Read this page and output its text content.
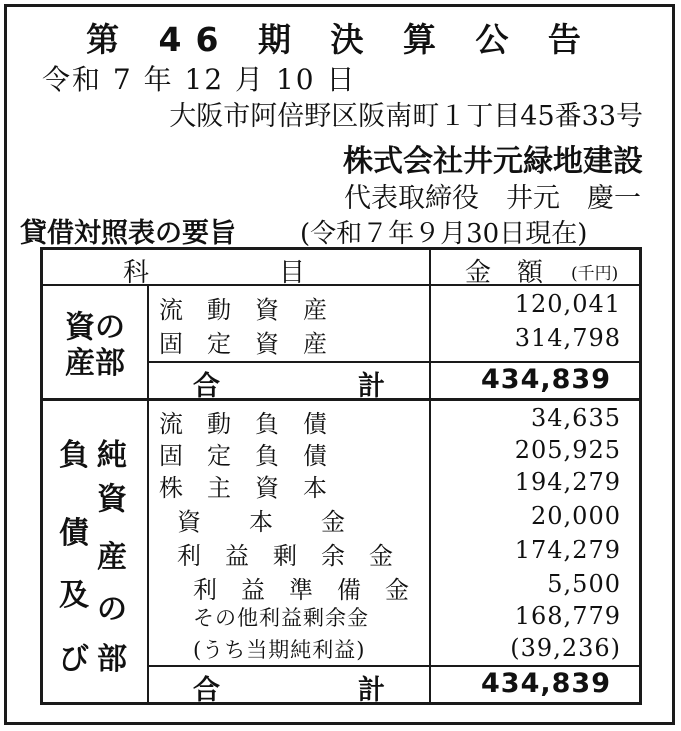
第 46 期 決 算 公 告
令和 7 年 12 月 10 日
大阪市阿倍野区阪南町１丁目45番33号
株式会社井元緑地建設
代表取締役　井元　慶一
貸借対照表の要旨 (令和７年９月30日現在)
科　　　　　目	金　額 (千円)
資の
産部
流　動　資　産	120,041
固　定　資　産	314,798
合　　　　計	434,839
負
債
及
び
純
資
産
の
部
流　動　負　債	34,635
固　定　負　債	205,925
株　主　資　本	194,279
資　　本　　金	20,000
利　益　剰　余　金	174,279
利　益　準　備　金	5,500
その他利益剰余金	168,779
(うち当期純利益)	(39,236)
合　　　　計	434,839
